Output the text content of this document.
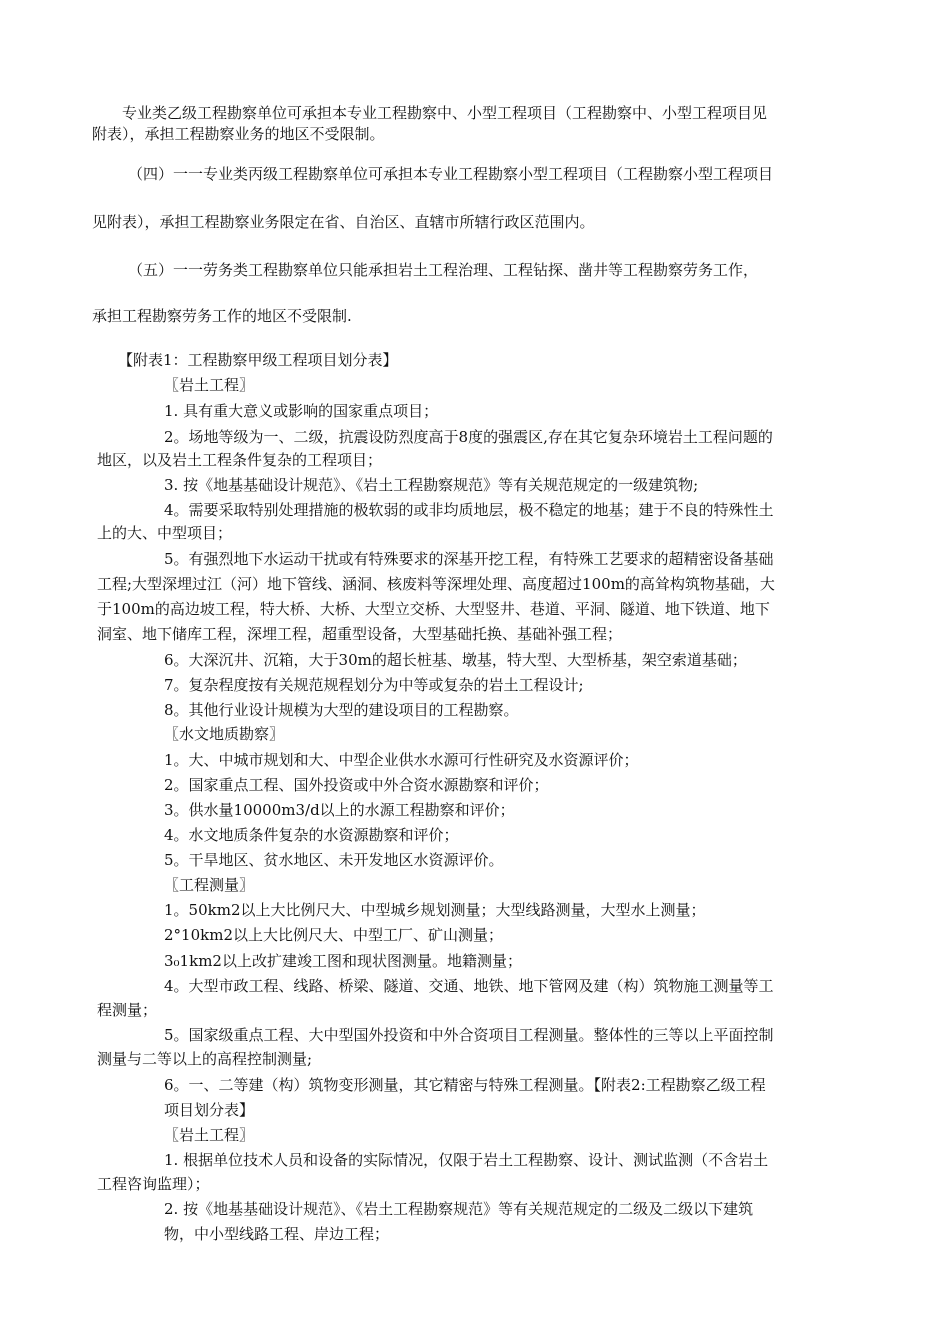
专业类乙级工程勘察单位可承担本专业工程勘察中、小型工程项目（工程勘察中、小型工程项目见
附表），承担工程勘察业务的地区不受限制。
（四）一一专业类丙级工程勘察单位可承担本专业工程勘察小型工程项目（工程勘察小型工程项目
见附表），承担工程勘察业务限定在省、自治区、直辖市所辖行政区范围内。
（五）一一劳务类工程勘察单位只能承担岩土工程治理、工程钻探、凿井等工程勘察劳务工作，
承担工程勘察劳务工作的地区不受限制.
【附表1：工程勘察甲级工程项目划分表】
〖岩土工程〗
1. 具有重大意义或影响的国家重点项目；
2。场地等级为一、二级，抗震设防烈度高于8度的强震区,存在其它复杂环境岩土工程问题的
地区，以及岩土工程条件复杂的工程项目；
3. 按《地基基础设计规范》、《岩土工程勘察规范》等有关规范规定的一级建筑物;
4。需要采取特别处理措施的极软弱的或非均质地层，极不稳定的地基；建于不良的特殊性土
上的大、中型项目；
5。有强烈地下水运动干扰或有特殊要求的深基开挖工程，有特殊工艺要求的超精密设备基础
工程;大型深埋过江（河）地下管线、涵洞、核废料等深埋处理、高度超过100m的高耸构筑物基础，大
于100m的高边坡工程，特大桥、大桥、大型立交桥、大型竖井、巷道、平洞、隧道、地下铁道、地下
洞室、地下储库工程，深埋工程，超重型设备，大型基础托换、基础补强工程；
6。大深沉井、沉箱，大于30m的超长桩基、墩基，特大型、大型桥基，架空索道基础；
7。复杂程度按有关规范规程划分为中等或复杂的岩土工程设计;
8。其他行业设计规模为大型的建设项目的工程勘察。
〖水文地质勘察〗
1。大、中城市规划和大、中型企业供水水源可行性研究及水资源评价；
2。国家重点工程、国外投资或中外合资水源勘察和评价；
3。供水量10000m3/d以上的水源工程勘察和评价；
4。水文地质条件复杂的水资源勘察和评价；
5。干旱地区、贫水地区、未开发地区水资源评价。
〖工程测量〗
1。50km2以上大比例尺大、中型城乡规划测量；大型线路测量，大型水上测量；
2°10km2以上大比例尺大、中型工厂、矿山测量；
3₀1km2以上改扩建竣工图和现状图测量。地籍测量；
4。大型市政工程、线路、桥梁、隧道、交通、地铁、地下管网及建（构）筑物施工测量等工
程测量；
5。国家级重点工程、大中型国外投资和中外合资项目工程测量。整体性的三等以上平面控制
测量与二等以上的高程控制测量;
6。一、二等建（构）筑物变形测量，其它精密与特殊工程测量。【附表2:工程勘察乙级工程
项目划分表】
〖岩土工程〗
1. 根据单位技术人员和设备的实际情况，仅限于岩土工程勘察、设计、测试监测（不含岩土
工程咨询监理）；
2. 按《地基基础设计规范》、《岩土工程勘察规范》等有关规范规定的二级及二级以下建筑
物，中小型线路工程、岸边工程；
